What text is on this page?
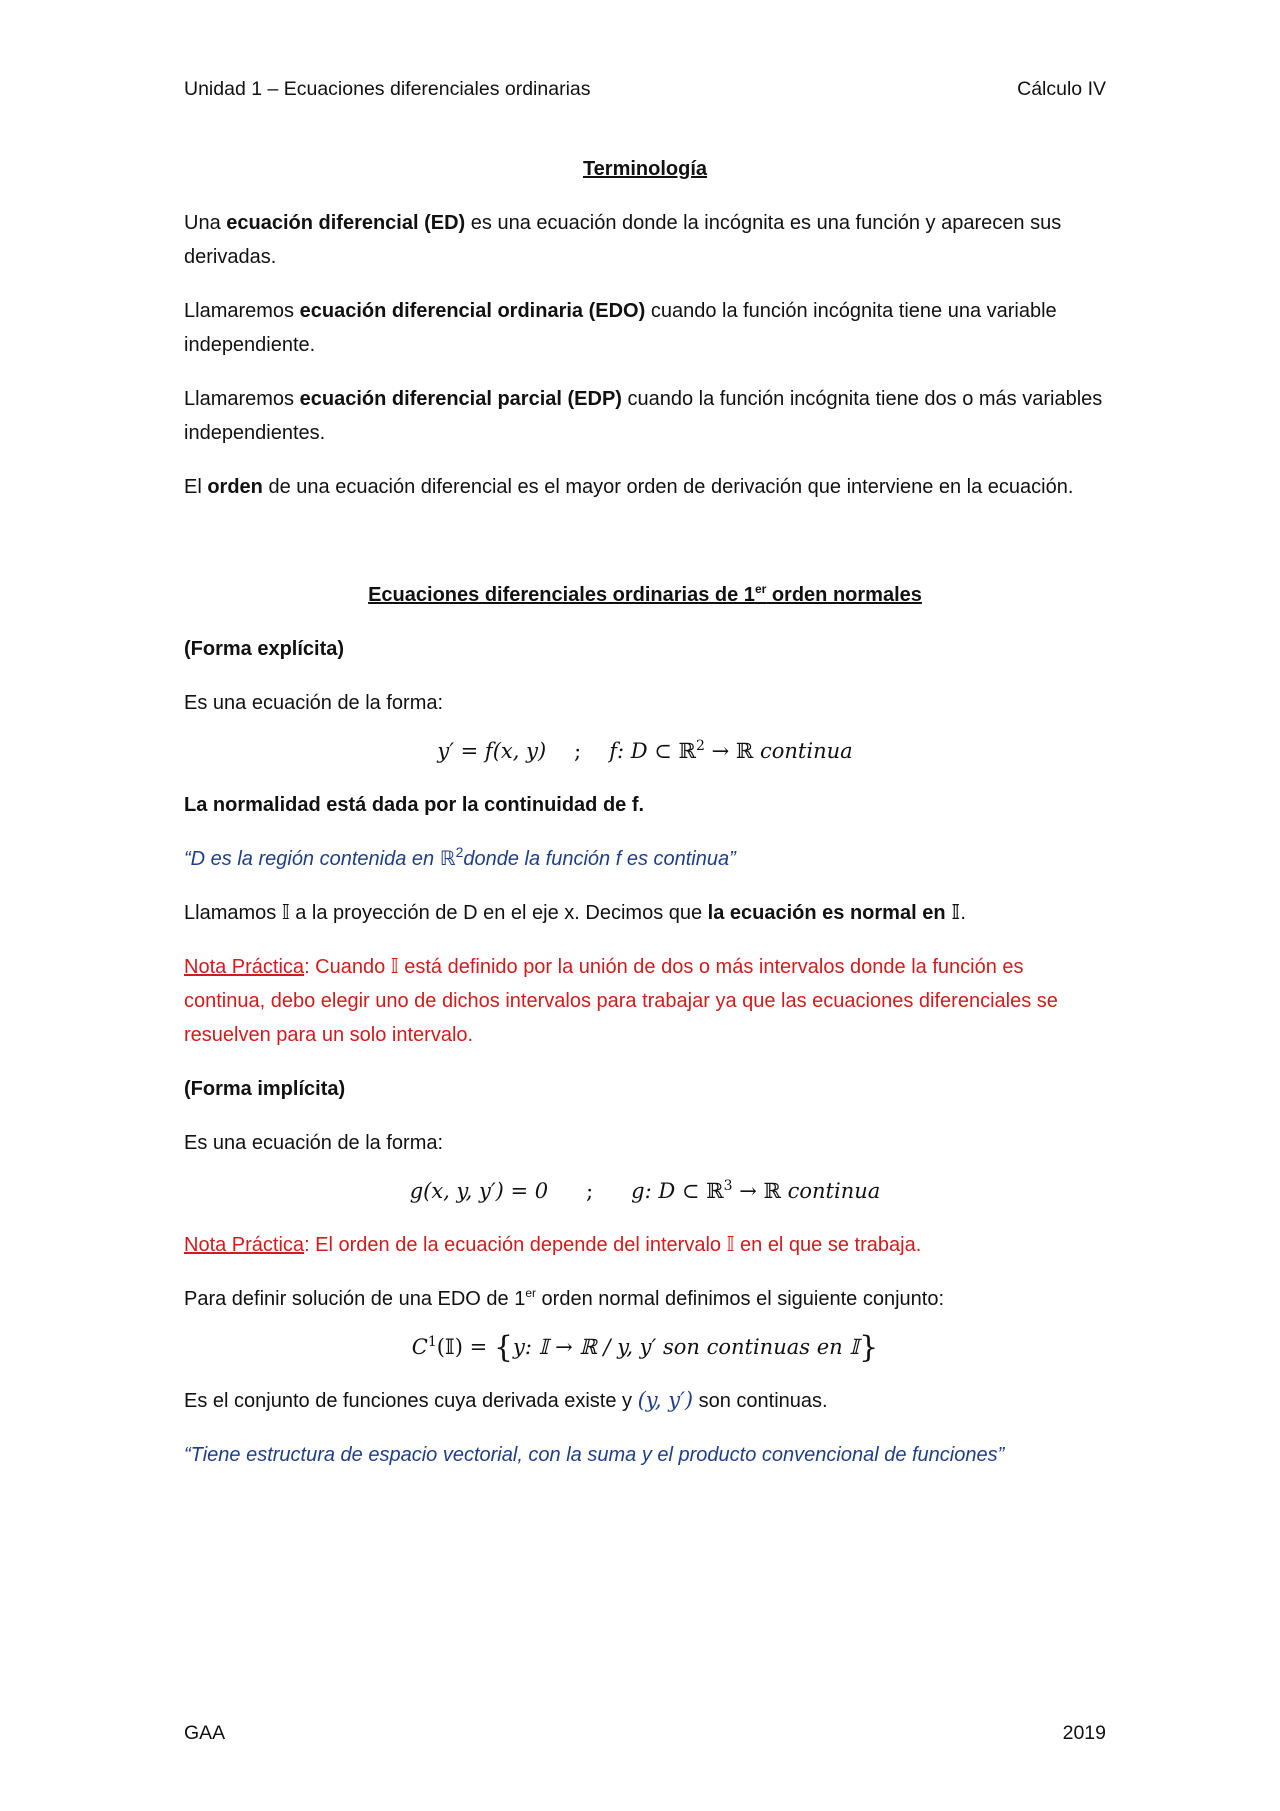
Unidad 1 – Ecuaciones diferenciales ordinarias	Cálculo IV

Terminología

Una ecuación diferencial (ED) es una ecuación donde la incógnita es una función y aparecen sus derivadas.

Llamaremos ecuación diferencial ordinaria (EDO) cuando la función incógnita tiene una variable independiente.

Llamaremos ecuación diferencial parcial (EDP) cuando la función incógnita tiene dos o más variables independientes.

El orden de una ecuación diferencial es el mayor orden de derivación que interviene en la ecuación.

Ecuaciones diferenciales ordinarias de 1er orden normales

(Forma explícita)

Es una ecuación de la forma:

y′ = f(x, y) ; f: D ⊂ ℝ$^2$ → ℝ continua

La normalidad está dada por la continuidad de f.

“D es la región contenida en ℝ$^2$donde la función f es continua”

Llamamos 𝕀 a la proyección de D en el eje x. Decimos que la ecuación es normal en 𝕀.

Nota Práctica: Cuando 𝕀 está definido por la unión de dos o más intervalos donde la función es continua, debo elegir uno de dichos intervalos para trabajar ya que las ecuaciones diferenciales se resuelven para un solo intervalo.

(Forma implícita)

Es una ecuación de la forma:

g(x, y, y′) = 0 ; g: D ⊂ ℝ$^3$ → ℝ continua

Nota Práctica: El orden de la ecuación depende del intervalo 𝕀 en el que se trabaja.

Para definir solución de una EDO de 1er orden normal definimos el siguiente conjunto:

$C^1(𝕀) = \{y$: 𝕀 → ℝ / y, y′ son continuas en 𝕀}

Es el conjunto de funciones cuya derivada existe y (y, y′) son continuas.

“Tiene estructura de espacio vectorial, con la suma y el producto convencional de funciones”

GAA	2019
